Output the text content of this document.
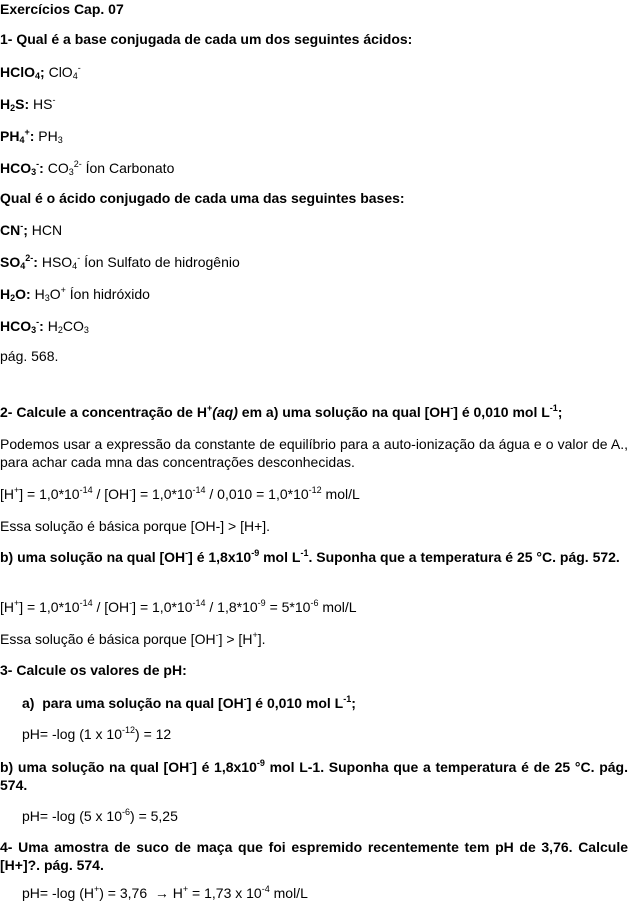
Exercícios Cap. 07
1- Qual é a base conjugada de cada um dos seguintes ácidos:
HClO$_4$; ClO$_4$-
$H_2S$: HS-
$PH_4^+$: $PH_3$
$HCO_3^-$: $CO_3^{2-}$ Íon Carbonato
Qual é o ácido conjugado de cada uma das seguintes bases:
CN-; HCN
$SO_4^{2-}$: $HSO_4^-$ Íon Sulfato de hidrogênio
$H_2O$: $H_3O^+$ Íon hidróxido
$HCO_3^-$: $H_2CO_3$
pág. 568.
2- Calcule a concentração de H+(aq) em a) uma solução na qual [OH-] é 0,010 mol $L^{-1}$;
Podemos usar a expressão da constante de equilíbrio para a auto-ionização da água e o valor de A., para achar cada mna das concentrações desconhecidas.
$[H^+] = 1,0*10^{-14} / [OH^-] = 1,0*10^{-14} / 0,010 = 1,0*10^{-12}$ mol/L
Essa solução é básica porque [OH-] > [H+].
b) uma solução na qual [OH-] é $1,8x10^{-9}$ mol $L^{-1}$. Suponha que a temperatura é 25 °C. pág. 572.
$[H^+] = 1,0*10^{-14} / [OH^-] = 1,0*10^{-14} / 1,8*10^{-9} = 5*10^{-6}$ mol/L
Essa solução é básica porque [OH-] > [H+].
3- Calcule os valores de pH:
a)  para uma solução na qual [OH-] é 0,010 mol $L^{-1}$;
pH= -log (1 x $10^{-12}) = 12$
b) uma solução na qual [OH-] é $1,8x10^{-9}$ mol L-1. Suponha que a temperatura é de 25 °C. pág. 574.
pH= -log (5 x $10^{-6}) = 5,25$
4- Uma amostra de suco de maça que foi espremido recentemente tem pH de 3,76. Calcule [H+]?. pág. 574.
pH= -log (H+) = 3,76  → H+ = 1,73 x $10^{-4}$ mol/L
